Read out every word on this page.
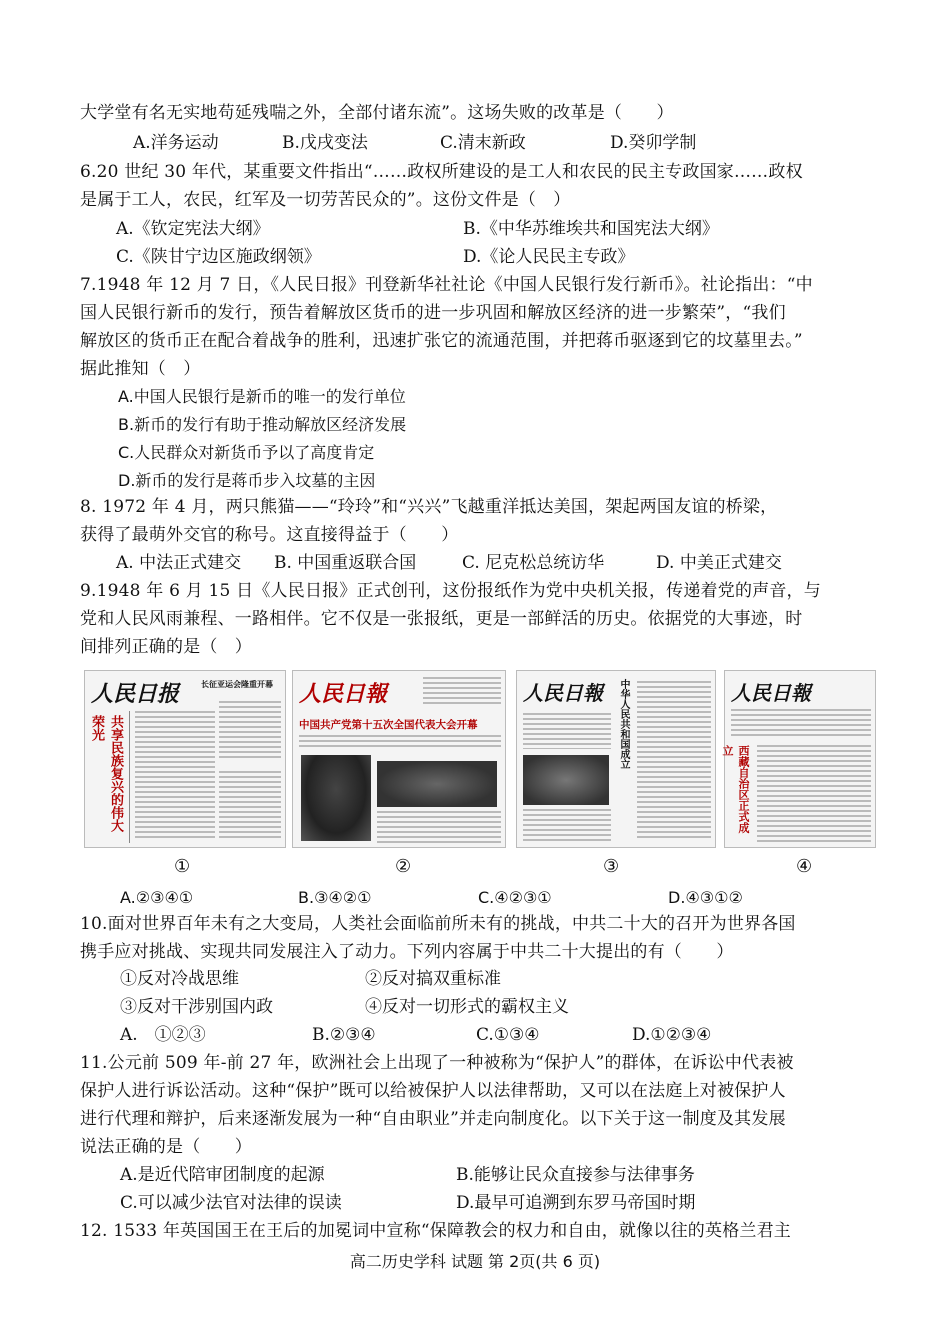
大学堂有名无实地苟延残喘之外，全部付诸东流”。这场失败的改革是（　　）
A.洋务运动	B.戊戌变法	C.清末新政	D.癸卯学制
6.20 世纪 30 年代，某重要文件指出“……政权所建设的是工人和农民的民主专政国家……政权
是属于工人，农民，红军及一切劳苦民众的”。这份文件是（　）
A.《钦定宪法大纲》	B.《中华苏维埃共和国宪法大纲》
C.《陕甘宁边区施政纲领》	D.《论人民民主专政》
7.1948 年 12 月 7 日，《人民日报》刊登新华社社论《中国人民银行发行新币》。社论指出：“中
国人民银行新币的发行，预告着解放区货币的进一步巩固和解放区经济的进一步繁荣”，“我们
解放区的货币正在配合着战争的胜利，迅速扩张它的流通范围，并把蒋币驱逐到它的坟墓里去。”
据此推知（　）
A.中国人民银行是新币的唯一的发行单位
B.新币的发行有助于推动解放区经济发展
C.人民群众对新货币予以了高度肯定
D.新币的发行是蒋币步入坟墓的主因
8. 1972 年 4 月，两只熊猫——“玲玲”和“兴兴”飞越重洋抵达美国，架起两国友谊的桥梁，
获得了最萌外交官的称号。这直接得益于（　　）
A. 中法正式建交 B. 中国重返联合国	C. 尼克松总统访华	D. 中美正式建交
9.1948 年 6 月 15 日《人民日报》正式创刊，这份报纸作为党中央机关报，传递着党的声音，与
党和人民风雨兼程、一路相伴。它不仅是一张报纸，更是一部鲜活的历史。依据党的大事迹，时
间排列正确的是（　）
人民日报	长征亚运会隆重开幕
共享民族复兴的伟大荣光
人民日報
中国共产党第十五次全国代表大会开幕
人民日報	中华人民共和国成立	人民日報
西藏自治区正式成立
①	②	③	④
A.②③④①	B.③④②①	C.④②③①	D.④③①②
10.面对世界百年未有之大变局，人类社会面临前所未有的挑战，中共二十大的召开为世界各国
携手应对挑战、实现共同发展注入了动力。下列内容属于中共二十大提出的有（　　）
①反对冷战思维	②反对搞双重标准
③反对干涉别国内政	④反对一切形式的霸权主义
A.　①②③	B.②③④	C.①③④	D.①②③④
11.公元前 509 年-前 27 年，欧洲社会上出现了一种被称为“保护人”的群体，在诉讼中代表被
保护人进行诉讼活动。这种“保护”既可以给被保护人以法律帮助，又可以在法庭上对被保护人
进行代理和辩护，后来逐渐发展为一种“自由职业”并走向制度化。以下关于这一制度及其发展
说法正确的是（　　）
A.是近代陪审团制度的起源	B.能够让民众直接参与法律事务
C.可以减少法官对法律的误读	D.最早可追溯到东罗马帝国时期
12. 1533 年英国国王在王后的加冕词中宣称“保障教会的权力和自由，就像以往的英格兰君主
高二历史学科 试题 第 2页(共 6 页)
